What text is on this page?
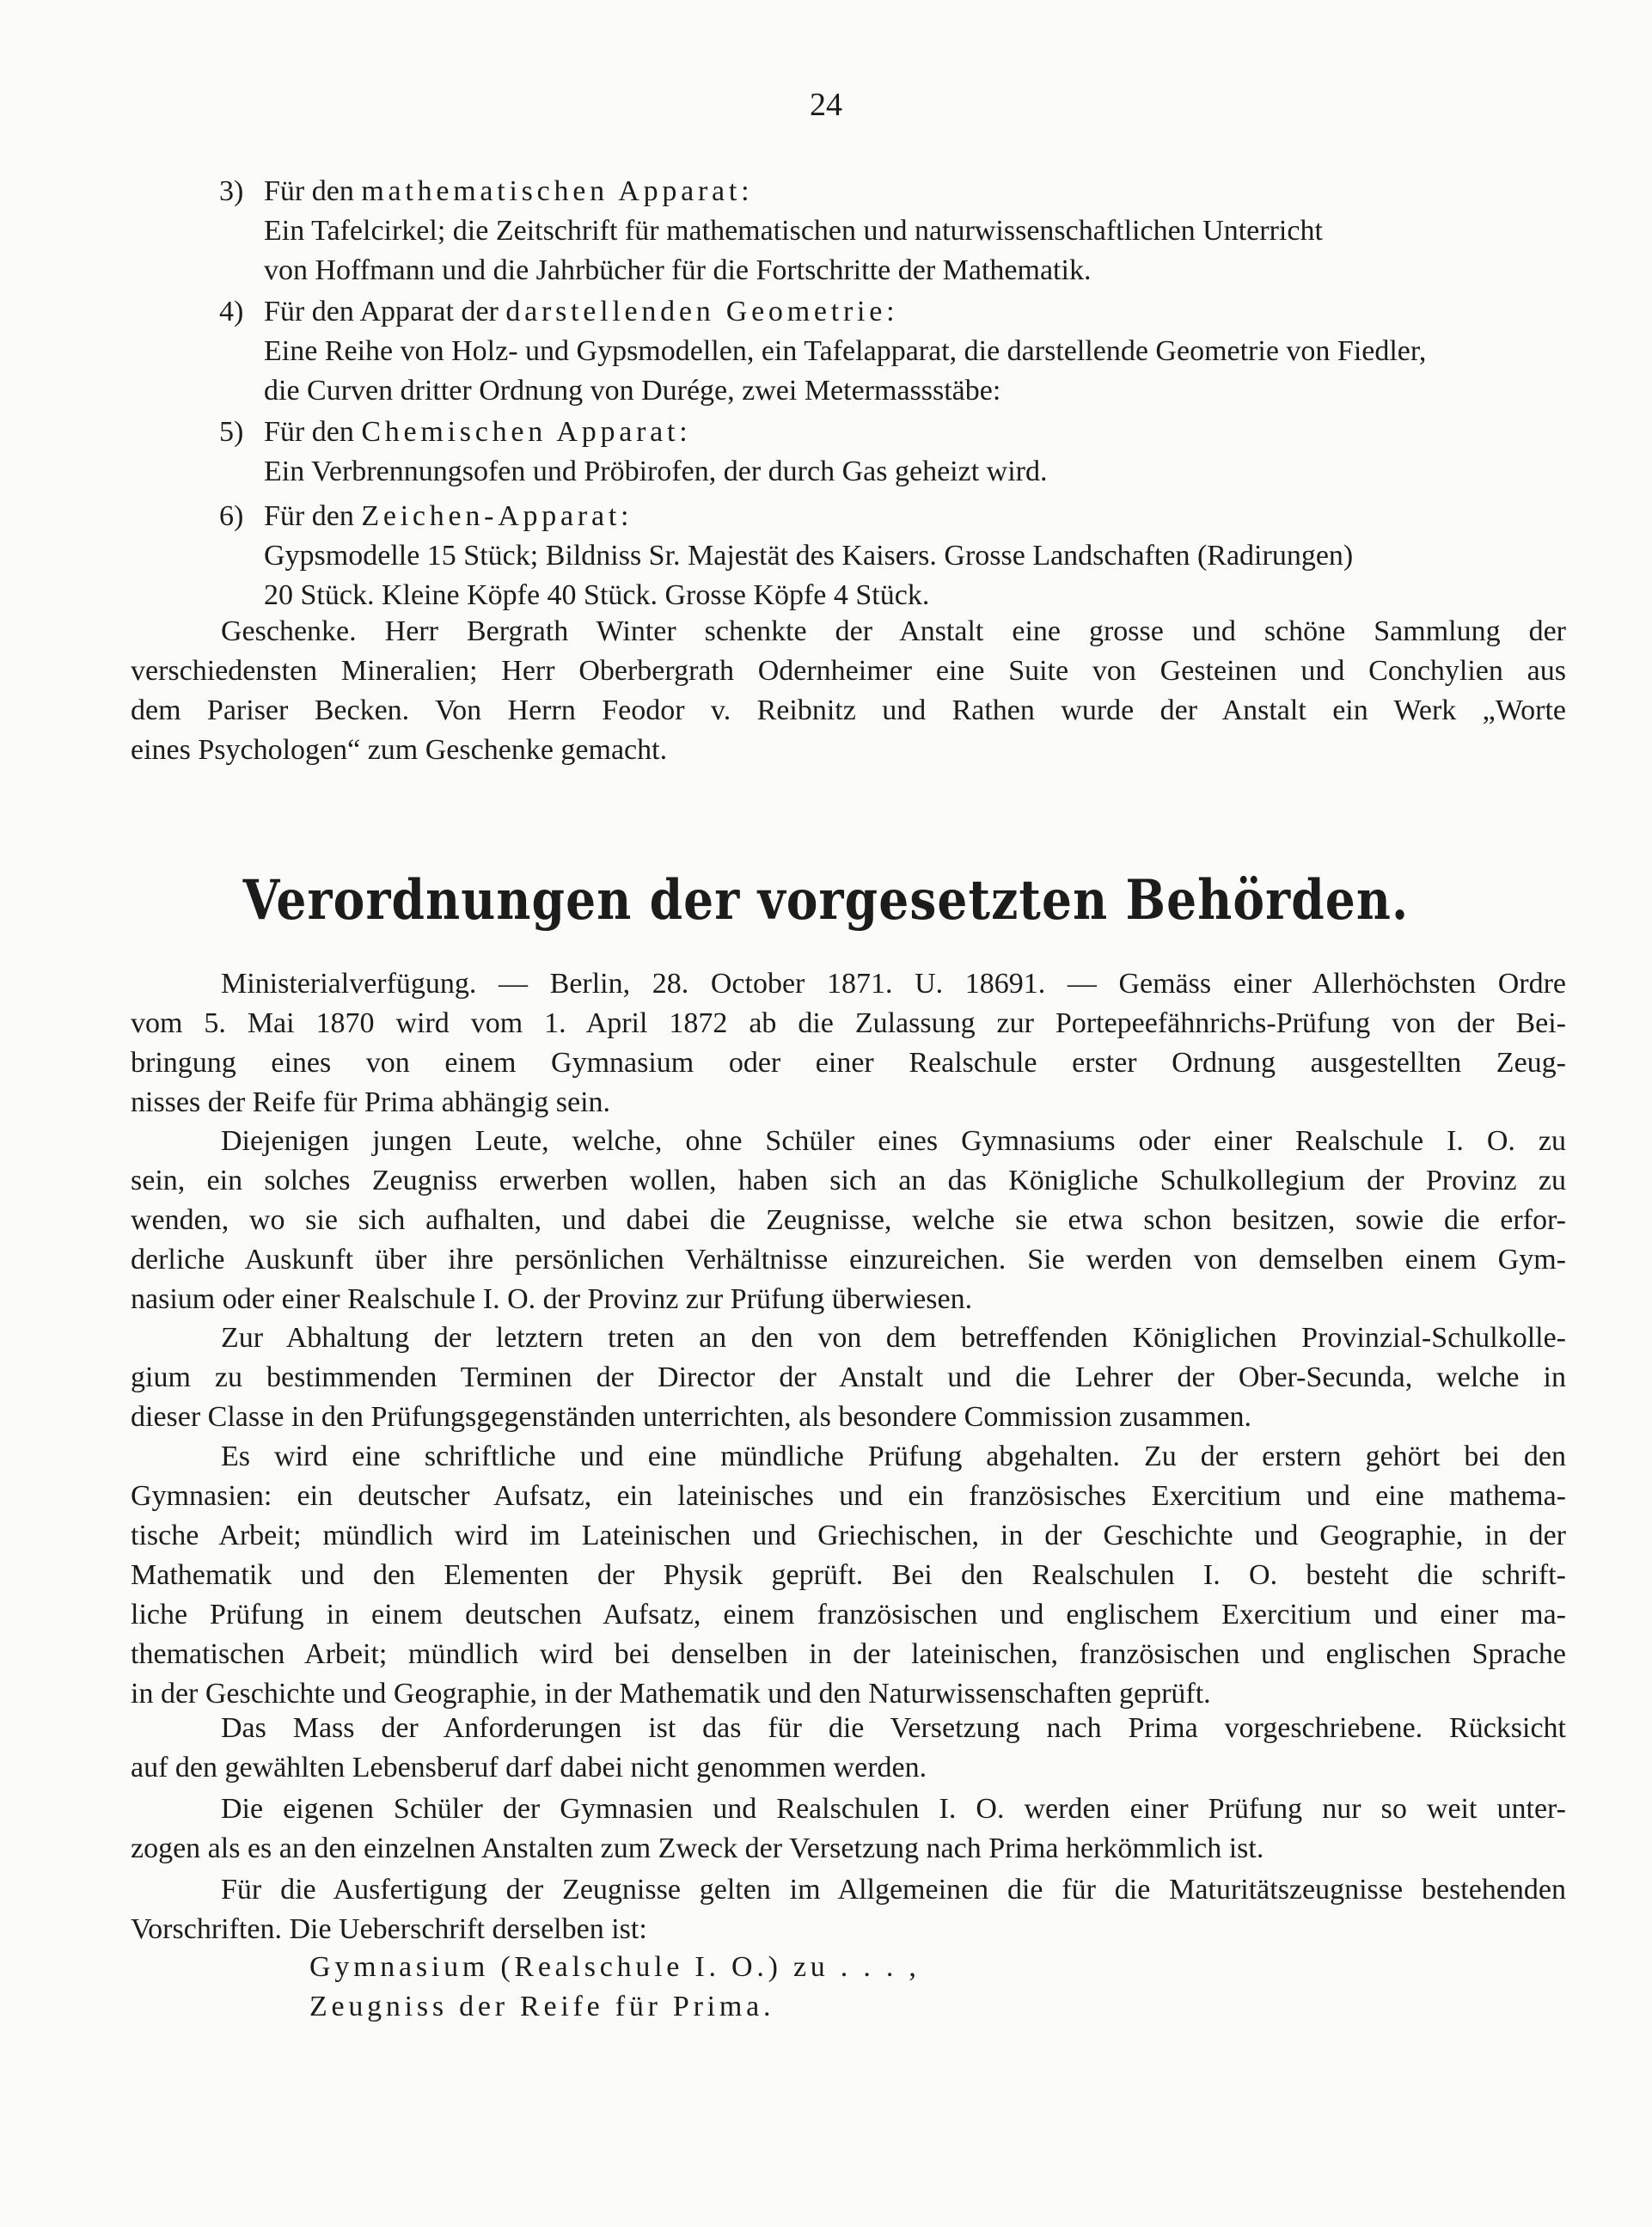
24
3) Für den mathematischen Apparat:
Ein Tafelcirkel; die Zeitschrift für mathematischen und naturwissenschaftlichen Unterricht
von Hoffmann und die Jahrbücher für die Fortschritte der Mathematik.
4) Für den Apparat der darstellenden Geometrie:
Eine Reihe von Holz- und Gypsmodellen, ein Tafelapparat, die darstellende Geometrie von Fiedler,
die Curven dritter Ordnung von Durége, zwei Metermassstäbe:
5) Für den Chemischen Apparat:
Ein Verbrennungsofen und Pröbirofen, der durch Gas geheizt wird.
6) Für den Zeichen-Apparat:
Gypsmodelle 15 Stück; Bildniss Sr. Majestät des Kaisers. Grosse Landschaften (Radirungen)
20 Stück. Kleine Köpfe 40 Stück. Grosse Köpfe 4 Stück.
Geschenke. Herr Bergrath Winter schenkte der Anstalt eine grosse und schöne Sammlung der
verschiedensten Mineralien; Herr Oberbergrath Odernheimer eine Suite von Gesteinen und Conchylien aus
dem Pariser Becken. Von Herrn Feodor v. Reibnitz und Rathen wurde der Anstalt ein Werk „Worte
eines Psychologen“ zum Geschenke gemacht.
Verordnungen der vorgesetzten Behörden.
Ministerialverfügung. — Berlin, 28. October 1871. U. 18691. — Gemäss einer Allerhöchsten Ordre
vom 5. Mai 1870 wird vom 1. April 1872 ab die Zulassung zur Portepeefähnrichs-Prüfung von der Bei-
bringung eines von einem Gymnasium oder einer Realschule erster Ordnung ausgestellten Zeug-
nisses der Reife für Prima abhängig sein.
Diejenigen jungen Leute, welche, ohne Schüler eines Gymnasiums oder einer Realschule I. O. zu
sein, ein solches Zeugniss erwerben wollen, haben sich an das Königliche Schulkollegium der Provinz zu
wenden, wo sie sich aufhalten, und dabei die Zeugnisse, welche sie etwa schon besitzen, sowie die erfor-
derliche Auskunft über ihre persönlichen Verhältnisse einzureichen. Sie werden von demselben einem Gym-
nasium oder einer Realschule I. O. der Provinz zur Prüfung überwiesen.
Zur Abhaltung der letztern treten an den von dem betreffenden Königlichen Provinzial-Schulkolle-
gium zu bestimmenden Terminen der Director der Anstalt und die Lehrer der Ober-Secunda, welche in
dieser Classe in den Prüfungsgegenständen unterrichten, als besondere Commission zusammen.
Es wird eine schriftliche und eine mündliche Prüfung abgehalten. Zu der erstern gehört bei den
Gymnasien: ein deutscher Aufsatz, ein lateinisches und ein französisches Exercitium und eine mathema-
tische Arbeit; mündlich wird im Lateinischen und Griechischen, in der Geschichte und Geographie, in der
Mathematik und den Elementen der Physik geprüft. Bei den Realschulen I. O. besteht die schrift-
liche Prüfung in einem deutschen Aufsatz, einem französischen und englischem Exercitium und einer ma-
thematischen Arbeit; mündlich wird bei denselben in der lateinischen, französischen und englischen Sprache
in der Geschichte und Geographie, in der Mathematik und den Naturwissenschaften geprüft.
Das Mass der Anforderungen ist das für die Versetzung nach Prima vorgeschriebene. Rücksicht
auf den gewählten Lebensberuf darf dabei nicht genommen werden.
Die eigenen Schüler der Gymnasien und Realschulen I. O. werden einer Prüfung nur so weit unter-
zogen als es an den einzelnen Anstalten zum Zweck der Versetzung nach Prima herkömmlich ist.
Für die Ausfertigung der Zeugnisse gelten im Allgemeinen die für die Maturitätszeugnisse bestehenden
Vorschriften. Die Ueberschrift derselben ist:
Gymnasium (Realschule I. O.) zu . . . ,
Zeugniss der Reife für Prima.
